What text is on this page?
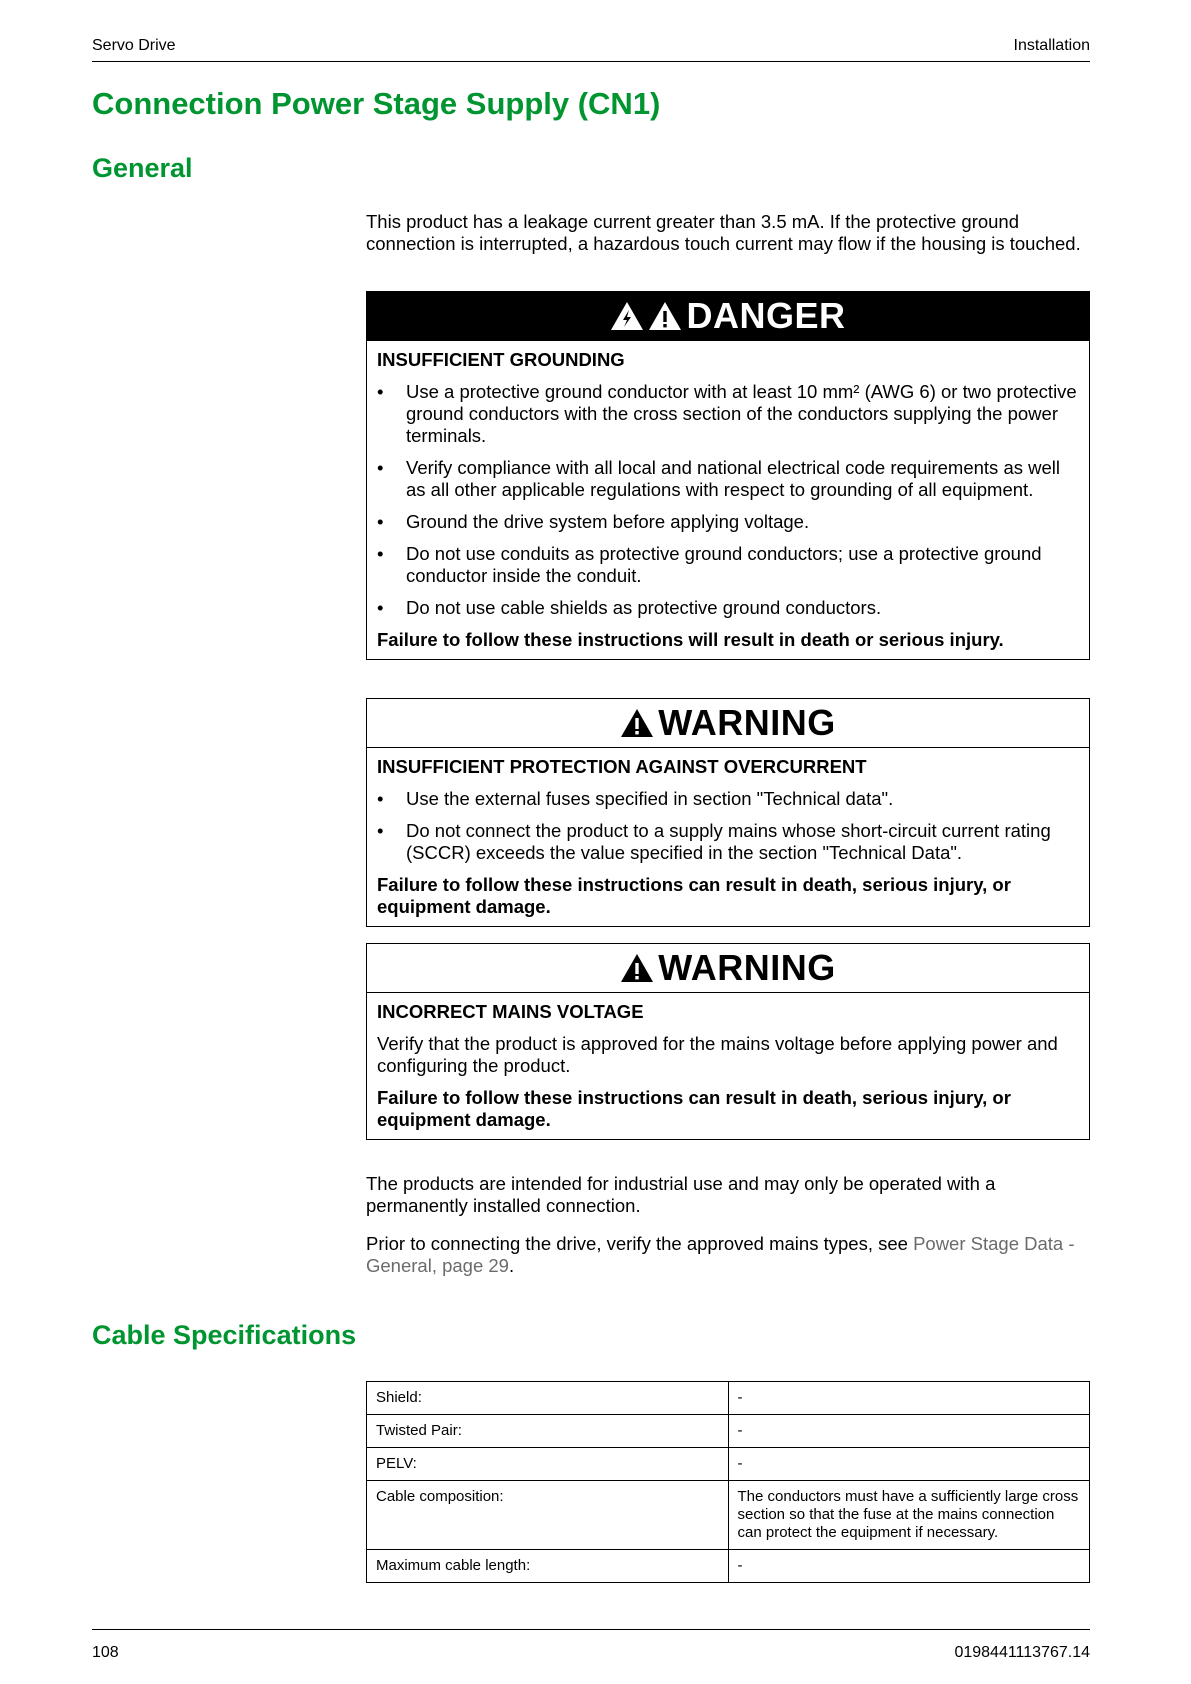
Servo Drive	Installation
Connection Power Stage Supply (CN1)
General

This product has a leakage current greater than 3.5 mA. If the protective ground connection is interrupted, a hazardous touch current may flow if the housing is touched.

DANGER

INSUFFICIENT GROUNDING

• Use a protective ground conductor with at least 10 mm² (AWG 6) or two protective ground conductors with the cross section of the conductors supplying the power terminals.
• Verify compliance with all local and national electrical code requirements as well as all other applicable regulations with respect to grounding of all equipment.
• Ground the drive system before applying voltage.
• Do not use conduits as protective ground conductors; use a protective ground conductor inside the conduit.
• Do not use cable shields as protective ground conductors.

Failure to follow these instructions will result in death or serious injury.

WARNING

INSUFFICIENT PROTECTION AGAINST OVERCURRENT

• Use the external fuses specified in section "Technical data".
• Do not connect the product to a supply mains whose short-circuit current rating (SCCR) exceeds the value specified in the section "Technical Data".

Failure to follow these instructions can result in death, serious injury, or equipment damage.

WARNING

INCORRECT MAINS VOLTAGE

Verify that the product is approved for the mains voltage before applying power and configuring the product.

Failure to follow these instructions can result in death, serious injury, or equipment damage.

The products are intended for industrial use and may only be operated with a permanently installed connection.

Prior to connecting the drive, verify the approved mains types, see Power Stage Data - General, page 29.

Cable Specifications
Shield:	-
Twisted Pair:	-
PELV:	-
Cable composition:	The conductors must have a sufficiently large cross section so that the fuse at the mains connection can protect the equipment if necessary.
Maximum cable length:	-
108	0198441113767.14
